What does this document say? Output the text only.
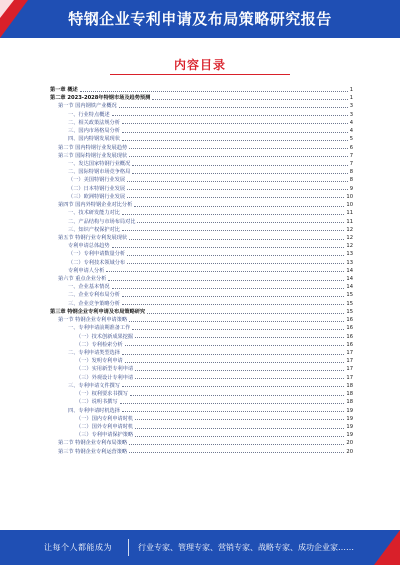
特钢企业专利申请及布局策略研究报告
内容目录
第一章 概述	1
第二章 2023-2028年特钢市场及趋势预测	1
第一节 国内钢铁产业概况	3
一、行业特点概述	3
二、相关政策法规分析	4
三、国内市场格局分析	4
四、国内特钢发展现状	5
第二节 国内特钢行业发展趋势	6
第三节 国际特钢行业发展现状	7
一、发达国家特钢行业概况	7
二、国际特钢市场竞争格局	8
（一）美国特钢行业发展	8
（二）日本特钢行业发展	9
（三）欧洲特钢行业发展	10
第四节 国内外特钢企业对比分析	10
一、技术研发能力对比	11
二、产品结构与市场布局对比	11
三、知识产权保护对比	12
第五节 特钢行业专利发展现状	12
专利申请总体趋势	12
（一）专利申请数量分析	13
（二）专利技术领域分布	13
专利申请人分析	14
第六节 重点企业分析	14
一、企业基本情况	14
二、企业专利布局分析	15
三、企业竞争策略分析	15
第三章 特钢企业专利申请及布局策略研究	15
第一节 特钢企业专利申请策略	16
一、专利申请前期准备工作	16
（一）技术创新成果挖掘	16
（二）专利检索分析	16
二、专利申请类型选择	17
（一）发明专利申请	17
（二）实用新型专利申请	17
（三）外观设计专利申请	17
三、专利申请文件撰写	18
（一）权利要求书撰写	18
（二）说明书撰写	18
四、专利申请时机选择	19
（一）国内专利申请时机	19
（二）国外专利申请时机	19
（三）专利申请保护策略	19
第二节 特钢企业专利布局策略	20
第三节 特钢企业专利运营策略	20
让每个人都能成为	行业专家、管理专家、营销专家、战略专家、成功企业家……
